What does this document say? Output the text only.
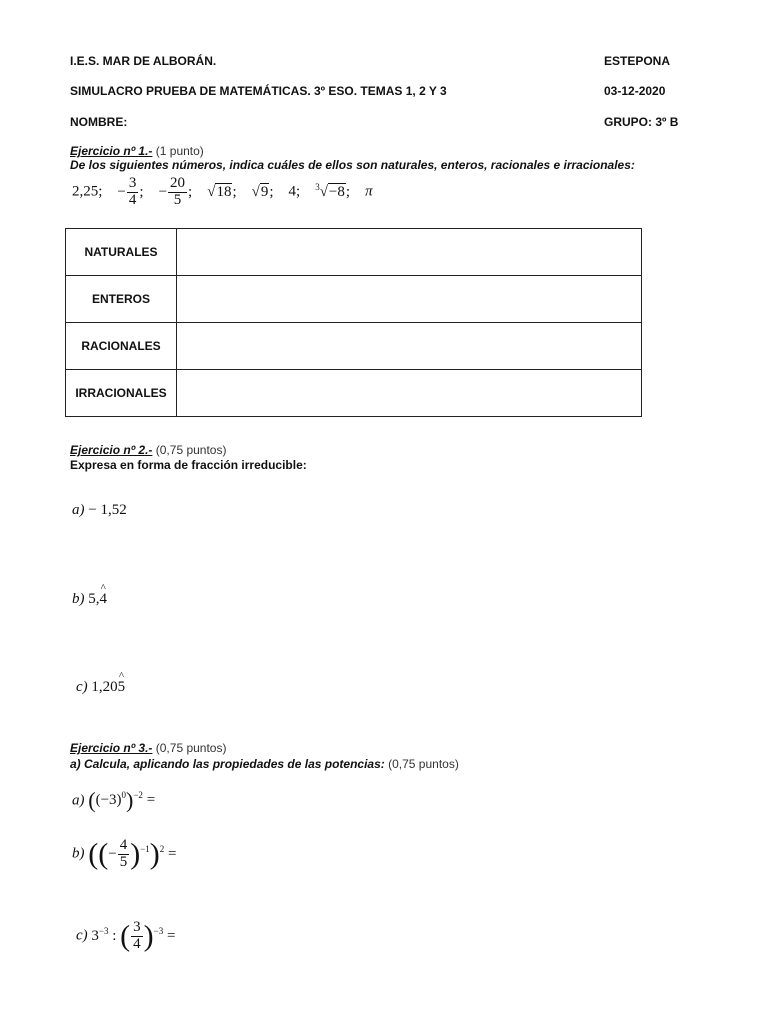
I.E.S. MAR DE ALBORÁN.	ESTEPONA
SIMULACRO PRUEBA DE MATEMÁTICAS. 3º ESO. TEMAS 1, 2 Y 3	03-12-2020
NOMBRE:	GRUPO: 3º B
Ejercicio nº 1.- (1 punto)
De los siguientes números, indica cuáles de ellos son naturales, enteros, racionales e irracionales:
2,25; − $\frac{3}{4}$ ; − $\frac{20}{5}$ ; √18; √9; 4; $^3$√−8; π
NATURALES	
ENTEROS	
RACIONALES	
IRRACIONALES	
Ejercicio nº 2.- (0,75 puntos)
Expresa en forma de fracción irreducible:
a) − 1,52
b) 5,^ 4
c) 1,20^ 5
Ejercicio nº 3.- (0,75 puntos)
a) Calcula, aplicando las propiedades de las potencias: (0,75 puntos)
a) $((-3)^0)^{-2}$ =
b) ((− $\frac{4}{5} )^{-1})^2$ =
c) $3^{-3}$ : ( $\frac{3}{4} )^{-3}$ =
